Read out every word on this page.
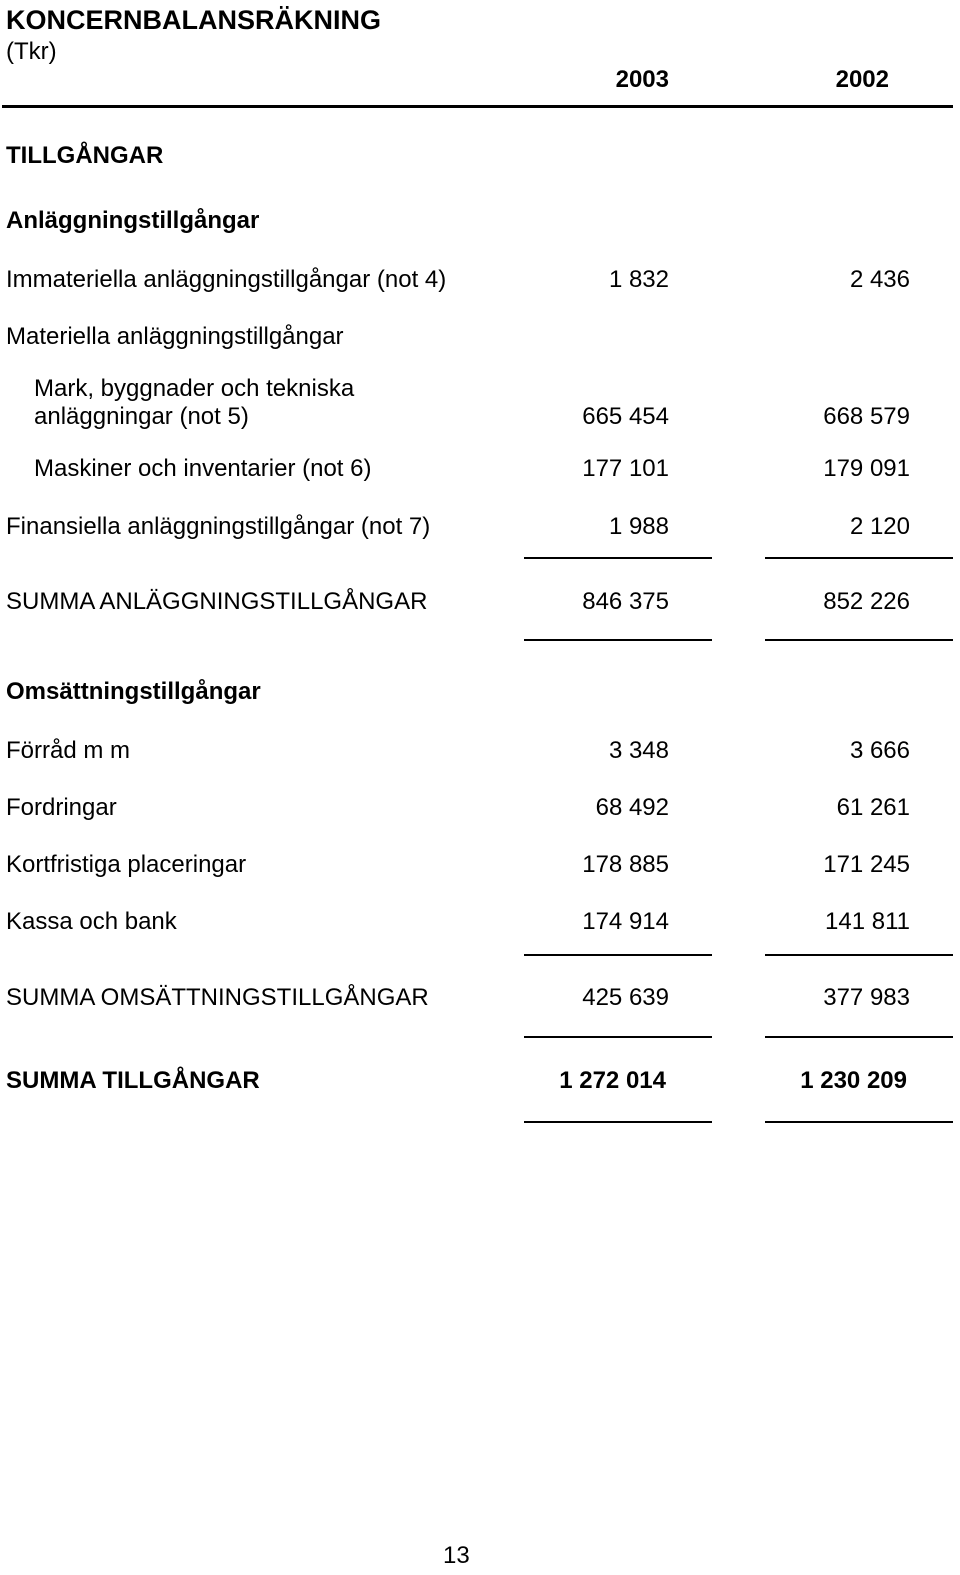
KONCERNBALANSRÄKNING
(Tkr)
2003	2002
TILLGÅNGAR
Anläggningstillgångar
Immateriella anläggningstillgångar (not 4)	1 832	2 436
Materiella anläggningstillgångar
Mark, byggnader och tekniska
anläggningar (not 5)	665 454	668 579
Maskiner och inventarier (not 6)	177 101	179 091
Finansiella anläggningstillgångar (not 7)	1 988	2 120
SUMMA ANLÄGGNINGSTILLGÅNGAR	846 375	852 226
Omsättningstillgångar
Förråd m m	3 348	3 666
Fordringar	68 492	61 261
Kortfristiga placeringar	178 885	171 245
Kassa och bank	174 914	141 811
SUMMA OMSÄTTNINGSTILLGÅNGAR	425 639	377 983
SUMMA TILLGÅNGAR	1 272 014	1 230 209
13
